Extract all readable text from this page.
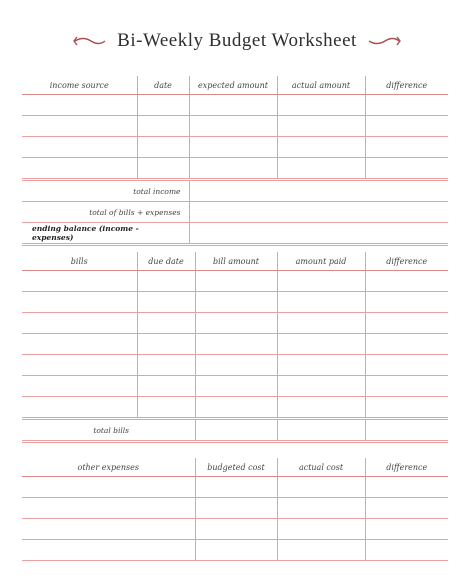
Bi-Weekly Budget Worksheet
income source	date	expected amount	actual amount	difference

total income				
total of bills + expenses				
ending balance (income - expenses)				
bills	due date	bill amount	amount paid	difference

total bills				
other expenses	budgeted cost	actual cost	difference
